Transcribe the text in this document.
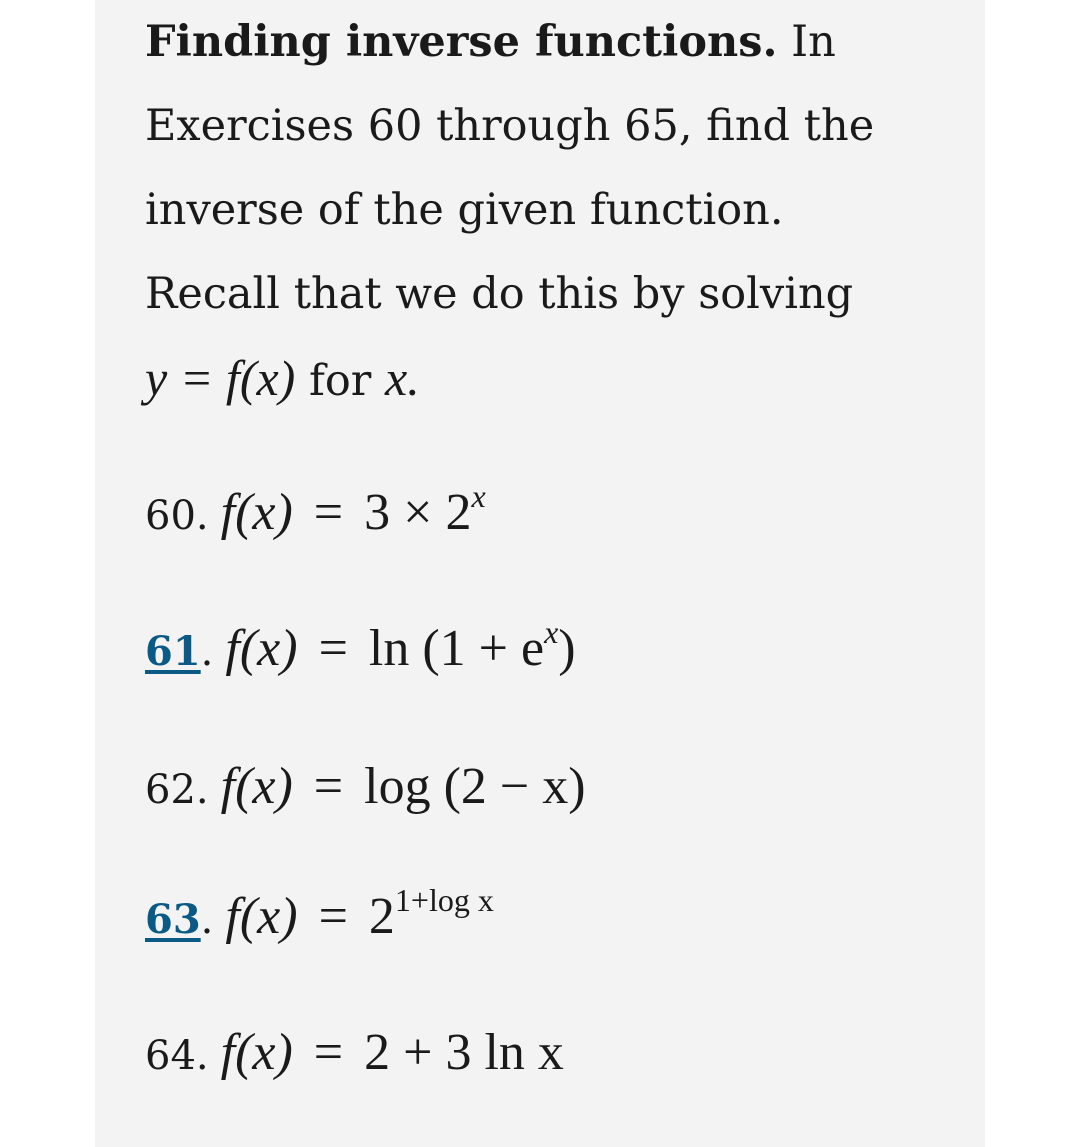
Finding inverse functions. In
Exercises 60 through 65, find the
inverse of the given function.
Recall that we do this by solving
y = f(x) for x.
60. $f(x) = 3 \times 2^x$
61. $f(x) = \ln (1 + e^x)$
62. f(x) = log (2 − x)
63. $f(x) = 2^{1+log x}$
64. f(x) = 2 + 3 ln x
